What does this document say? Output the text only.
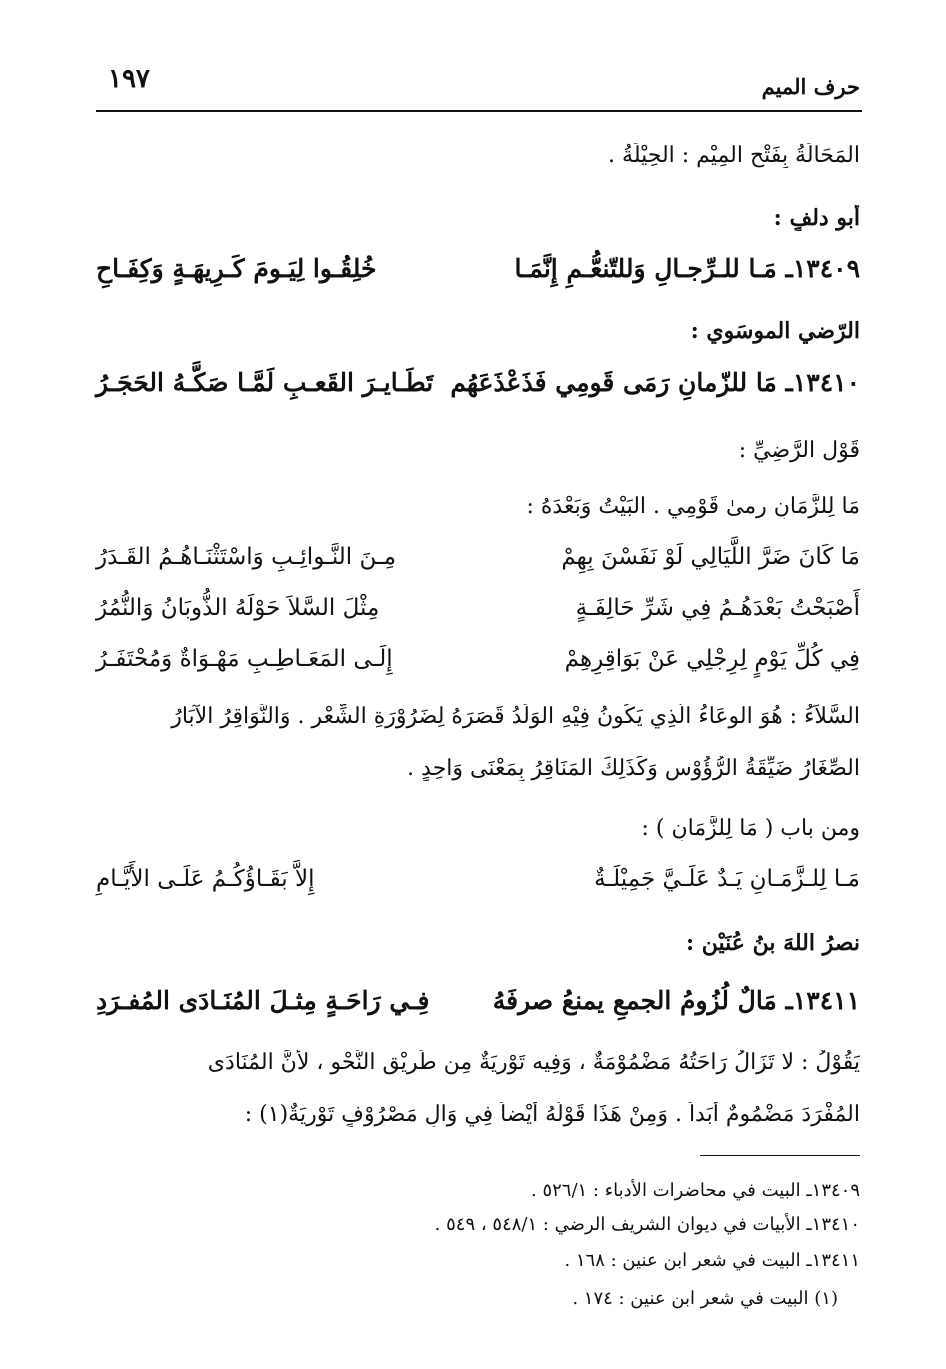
١٩٧	حرف الميم
المَحَالَةُ بِفَتْحِ المِيْمِ : الحِيْلَةُ .
أبو دلفٍ :
١٣٤٠٩ـ مَـا للـرِّجـالِ وَللتّنعُّـمِ إِنَّمَـا
خُلِقُـوا لِيَـومَ كَـرِيهَـةٍ وَكِفَـاحِ
الرّضي الموسَوي :
١٣٤١٠ـ مَا للزّمانِ رَمَى قَومِي فَذَعْذَعَهُم
تَطَـايـرَ القَعـبِ لَمَّـا صَكَّـهُ الحَجَـرُ
قَوْل الرَّضِيِّ :
مَا لِلزَّمَانِ رمىٰ قَوْمِي . البَيْتُ وَبَعْدَهُ :
مَا كَانَ ضَرَّ اللَّيَالِي لَوْ نَفَسْنَ بِهِمْ
مِـنَ النَّـوائِـبِ وَاسْتَثْنَـاهُـمُ القَـدَرُ
أَصْبَحْتُ بَعْدَهُـمُ فِي شَرِّ حَالِفَـةٍ
مِثْلَ السَّلاَ حَوْلَهُ الذُّوبَانُ وَالنُّمُرُ
فِي كُلِّ يَوْمٍ لِرِجْلِي عَنْ بَوَاقِرِهِمْ
إِلَـى المَعَـاطِـبِ مَهْـوَاةٌ وَمُحْتَفَـرُ
السَّلاَءُ : هُوَ الوِعَاءُ الَّذِي يَكُونُ فِيْهِ الوَلَدُ قَصَرَهُ لِضَرُوْرَةِ الشِّعْرِ . وَالنَّوَاقِرُ الآبَارُ
الصِّغَارُ ضَيِّقَةُ الرُّؤُوْسِ وَكَذَلِكَ المَنَاقِرُ بِمَعْنَى وَاحِدٍ .
ومن باب ( مَا لِلزَّمَانِ ) :
مَـا لِلـزَّمَـانِ يَـدٌ عَلَـيَّ جَمِيْلَـةٌ
إِلاَّ بَقَـاؤُكُـمُ عَلَـى الأَيَّـامِ
نصرُ اللهَ بنُ عُنَيْنٍ :
١٣٤١١ـ مَالٌ لُزُومُ الجمعِ يمنعُ صرفَهُ
فِـي رَاحَـةٍ مِثـلَ المُنَـادَى المُفـرَدِ
يَقُوْلُ : لا تَزَالُ رَاحَتُهُ مَضْمُوْمَةٌ ، وَفِيه تَوْرِيَةٌ مِن طَرِيْقِ النَّحْوِ ، لأنَّ المُنَادَى
المُفْرَدَ مَضْمُومٌ أَبَداً . وَمِنْ هَذَا قَوْلُهُ أَيْضاً فِي وَالٍ مَصْرُوْفٍ تَوْرِيَةٌ(١) :
١٣٤٠٩ـ البيت في محاضرات الأدباء : ٥٢٦/١ .
١٣٤١٠ـ الأبيات في ديوان الشريف الرضي : ٥٤٨/١ ، ٥٤٩ .
١٣٤١١ـ البيت في شعر ابن عنين : ١٦٨ .
(١) البيت في شعر ابن عنين : ١٧٤ .
